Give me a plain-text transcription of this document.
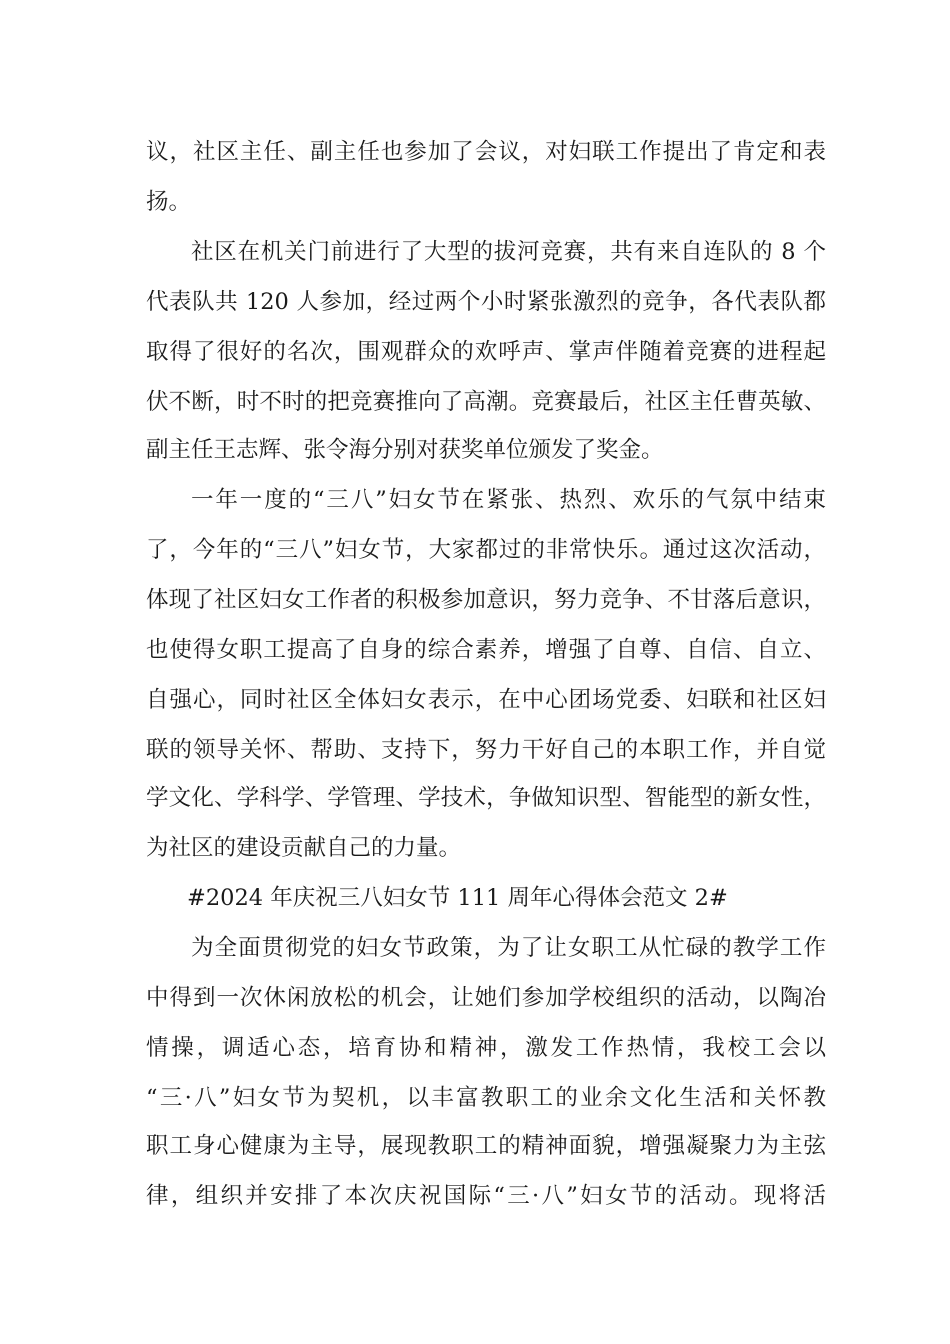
议，社区主任、副主任也参加了会议，对妇联工作提出了肯定和表
扬。
社区在机关门前进行了大型的拔河竞赛，共有来自连队的 8 个
代表队共 120 人参加，经过两个小时紧张激烈的竞争，各代表队都
取得了很好的名次，围观群众的欢呼声、掌声伴随着竞赛的进程起
伏不断，时不时的把竞赛推向了高潮。竞赛最后，社区主任曹英敏、
副主任王志辉、张令海分别对获奖单位颁发了奖金。
一年一度的“三八”妇女节在紧张、热烈、欢乐的气氛中结束
了，今年的“三八”妇女节，大家都过的非常快乐。通过这次活动，
体现了社区妇女工作者的积极参加意识，努力竞争、不甘落后意识，
也使得女职工提高了自身的综合素养，增强了自尊、自信、自立、
自强心，同时社区全体妇女表示，在中心团场党委、妇联和社区妇
联的领导关怀、帮助、支持下，努力干好自己的本职工作，并自觉
学文化、学科学、学管理、学技术，争做知识型、智能型的新女性，
为社区的建设贡献自己的力量。
#2024 年庆祝三八妇女节 111 周年心得体会范文 2#
为全面贯彻党的妇女节政策，为了让女职工从忙碌的教学工作
中得到一次休闲放松的机会，让她们参加学校组织的活动，以陶冶
情操，调适心态，培育协和精神，激发工作热情，我校工会以
“三·八”妇女节为契机，以丰富教职工的业余文化生活和关怀教
职工身心健康为主导，展现教职工的精神面貌，增强凝聚力为主弦
律，组织并安排了本次庆祝国际“三·八”妇女节的活动。现将活
